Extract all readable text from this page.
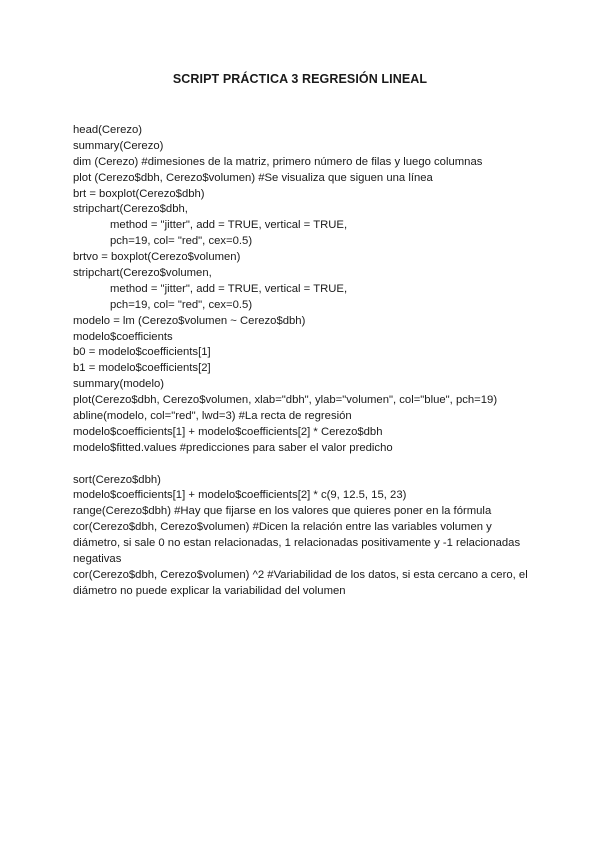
SCRIPT PRÁCTICA 3 REGRESIÓN LINEAL
head(Cerezo)
summary(Cerezo)
dim (Cerezo) #dimesiones de la matriz, primero número de filas y luego columnas
plot (Cerezo$dbh, Cerezo$volumen) #Se visualiza que siguen una línea
brt = boxplot(Cerezo$dbh)
stripchart(Cerezo$dbh,
method = "jitter", add = TRUE, vertical = TRUE,
pch=19, col= "red", cex=0.5)
brtvo = boxplot(Cerezo$volumen)
stripchart(Cerezo$volumen,
method = "jitter", add = TRUE, vertical = TRUE,
pch=19, col= "red", cex=0.5)
modelo = lm (Cerezo$volumen ~ Cerezo$dbh)
modelo$coefficients
b0 = modelo$coefficients[1]
b1 = modelo$coefficients[2]
summary(modelo)
plot(Cerezo$dbh, Cerezo$volumen, xlab="dbh", ylab="volumen", col="blue", pch=19)
abline(modelo, col="red", lwd=3) #La recta de regresión
modelo$coefficients[1] + modelo$coefficients[2] * Cerezo$dbh
modelo$fitted.values #predicciones para saber el valor predicho
sort(Cerezo$dbh)
modelo$coefficients[1] + modelo$coefficients[2] * c(9, 12.5, 15, 23)
range(Cerezo$dbh) #Hay que fijarse en los valores que quieres poner en la fórmula
cor(Cerezo$dbh, Cerezo$volumen) #Dicen la relación entre las variables volumen y diámetro, si sale 0 no estan relacionadas, 1 relacionadas positivamente y -1 relacionadas negativas
cor(Cerezo$dbh, Cerezo$volumen) ^2 #Variabilidad de los datos, si esta cercano a cero, el diámetro no puede explicar la variabilidad del volumen
